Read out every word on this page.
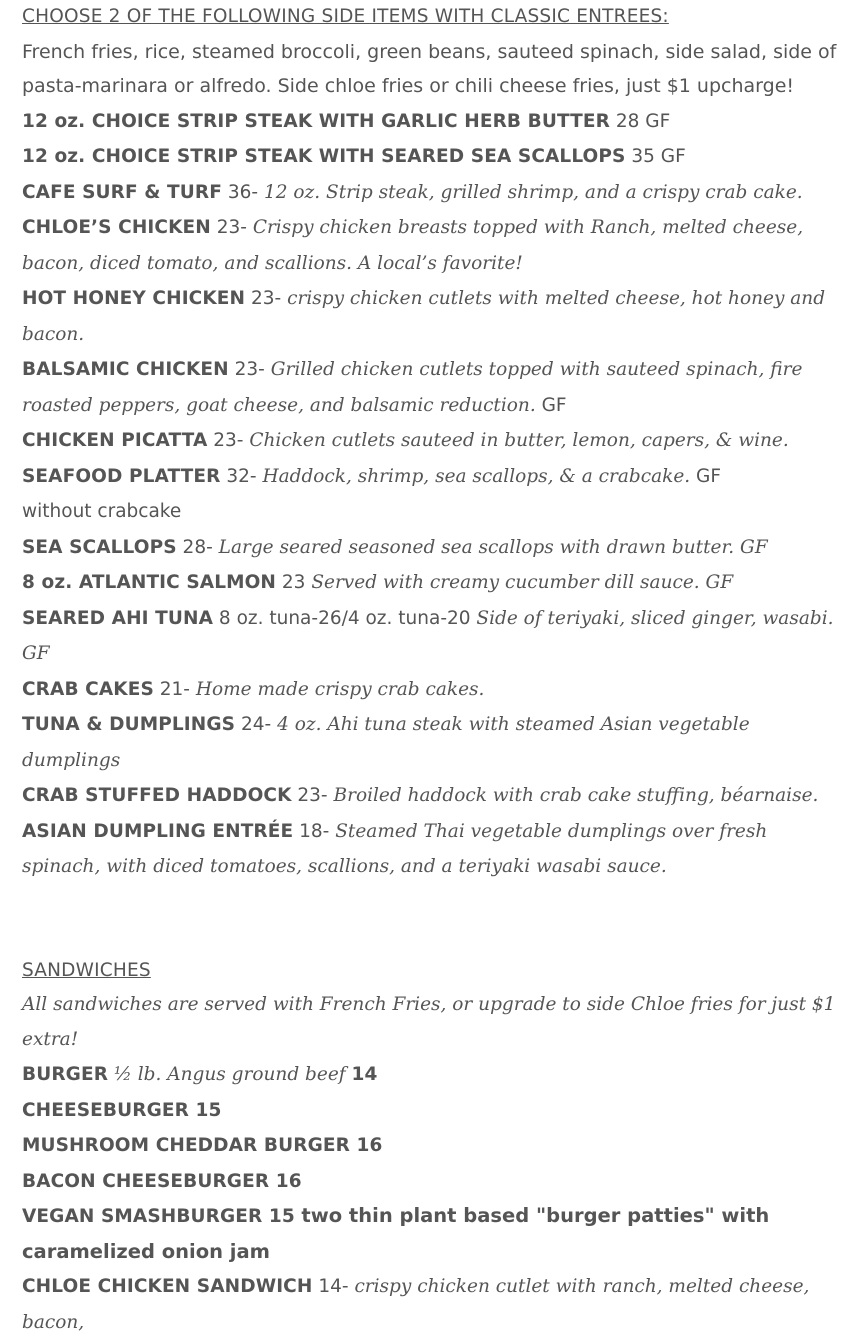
CHOOSE 2 OF THE FOLLOWING SIDE ITEMS WITH CLASSIC ENTREES:
French fries, rice, steamed broccoli, green beans, sauteed spinach, side salad, side of pasta-marinara or alfredo. Side chloe fries or chili cheese fries, just $1 upcharge!
12 oz. CHOICE STRIP STEAK WITH GARLIC HERB BUTTER 28 GF
12 oz. CHOICE STRIP STEAK WITH SEARED SEA SCALLOPS 35 GF
CAFE SURF & TURF 36- 12 oz. Strip steak, grilled shrimp, and a crispy crab cake.
CHLOE’S CHICKEN 23- Crispy chicken breasts topped with Ranch, melted cheese, bacon, diced tomato, and scallions. A local’s favorite!
HOT HONEY CHICKEN 23- crispy chicken cutlets with melted cheese, hot honey and bacon.
BALSAMIC CHICKEN 23- Grilled chicken cutlets topped with sauteed spinach, fire roasted peppers, goat cheese, and balsamic reduction. GF
CHICKEN PICATTA 23- Chicken cutlets sauteed in butter, lemon, capers, & wine.
SEAFOOD PLATTER 32- Haddock, shrimp, sea scallops, & a crabcake. GF
without crabcake
SEA SCALLOPS 28- Large seared seasoned sea scallops with drawn butter. GF
8 oz. ATLANTIC SALMON 23 Served with creamy cucumber dill sauce. GF
SEARED AHI TUNA 8 oz. tuna-26/4 oz. tuna-20 Side of teriyaki, sliced ginger, wasabi. GF
CRAB CAKES 21- Home made crispy crab cakes.
TUNA & DUMPLINGS 24- 4 oz. Ahi tuna steak with steamed Asian vegetable dumplings
CRAB STUFFED HADDOCK 23- Broiled haddock with crab cake stuffing, béarnaise.
ASIAN DUMPLING ENTRÉE 18- Steamed Thai vegetable dumplings over fresh spinach, with diced tomatoes, scallions, and a teriyaki wasabi sauce.
SANDWICHES
All sandwiches are served with French Fries, or upgrade to side Chloe fries for just $1 extra!
BURGER ½ lb. Angus ground beef 14
CHEESEBURGER 15
MUSHROOM CHEDDAR BURGER 16
BACON CHEESEBURGER 16
VEGAN SMASHBURGER 15 two thin plant based "burger patties" with caramelized onion jam
CHLOE CHICKEN SANDWICH 14- crispy chicken cutlet with ranch, melted cheese, bacon,
